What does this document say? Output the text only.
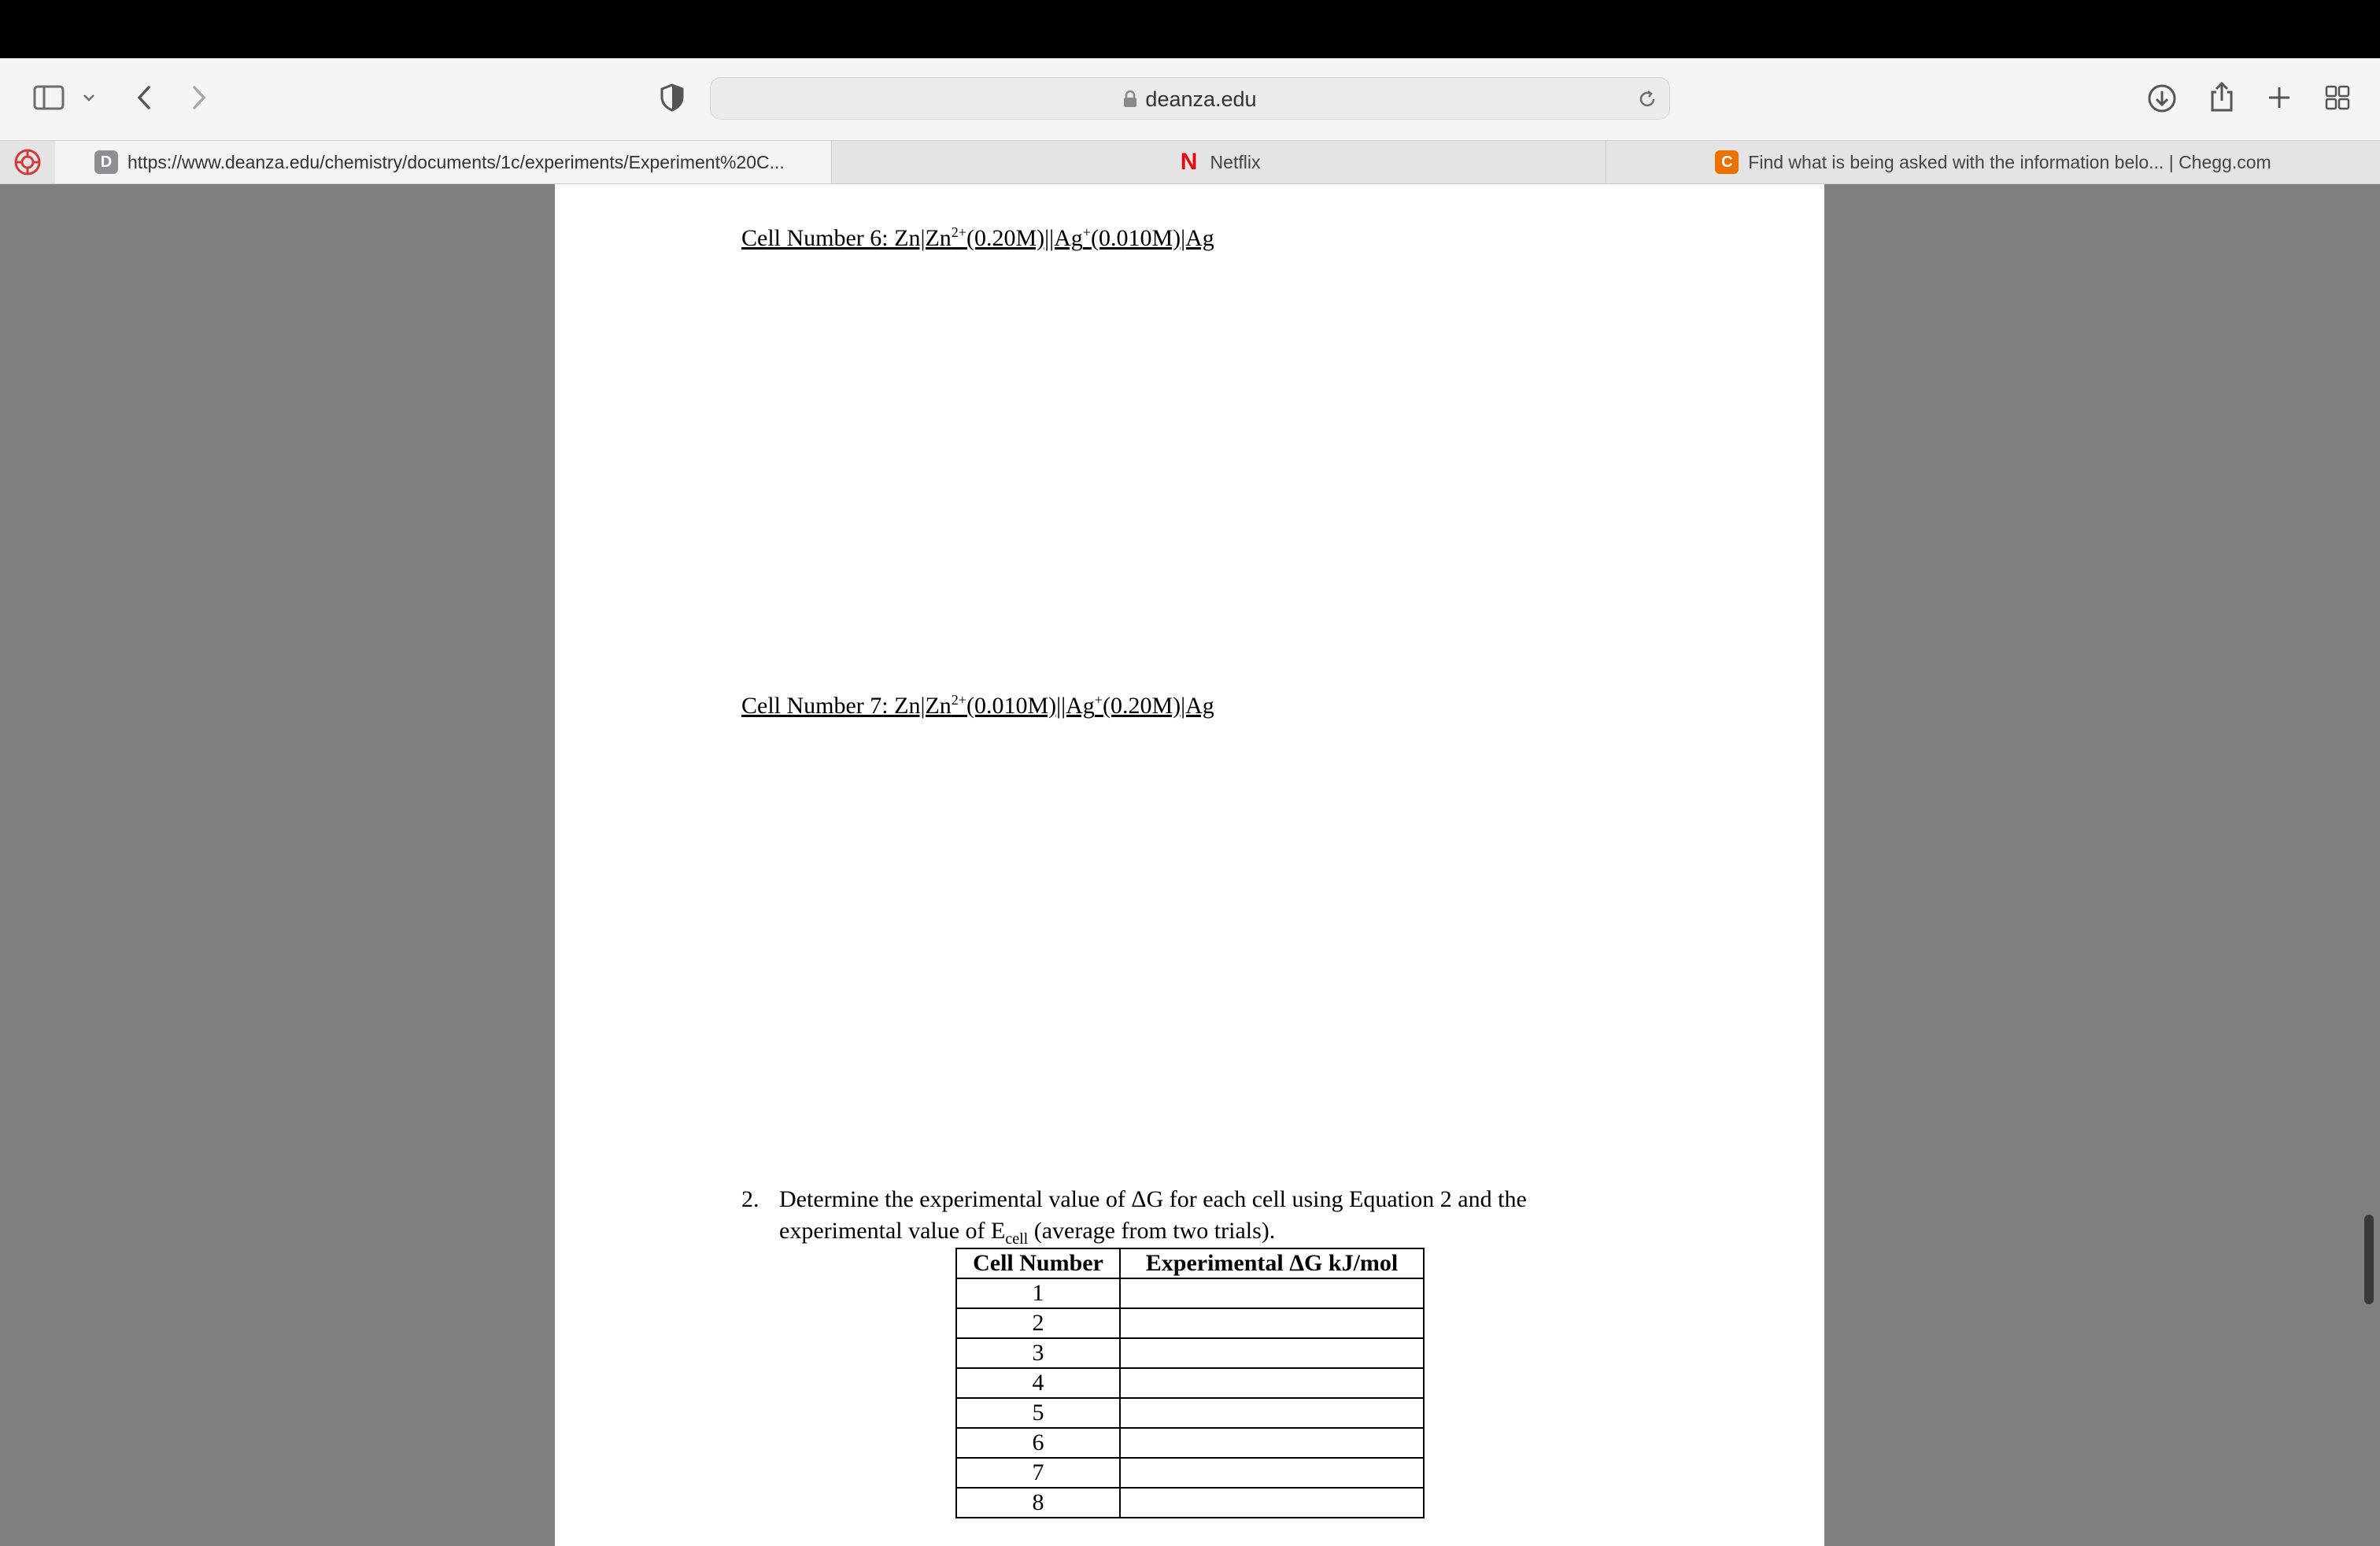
deanza.edu
D https://www.deanza.edu/chemistry/documents/1c/experiments/Experiment%20C...	N Netflix	C Find what is being asked with the information belo... | Chegg.com
Cell Number 6: $Zn|Zn^{2+}(0.20M)||Ag^+(0.010M)|Ag$
Cell Number 7: $Zn|Zn^{2+}(0.010M)||Ag^+(0.20M)|Ag$
2. Determine the experimental value of ΔG for each cell using Equation 2 and the
experimental value of $E_{cell}$ (average from two trials).
Cell Number	Experimental ΔG kJ/mol
1	
2	
3	
4	
5	
6	
7	
8	
